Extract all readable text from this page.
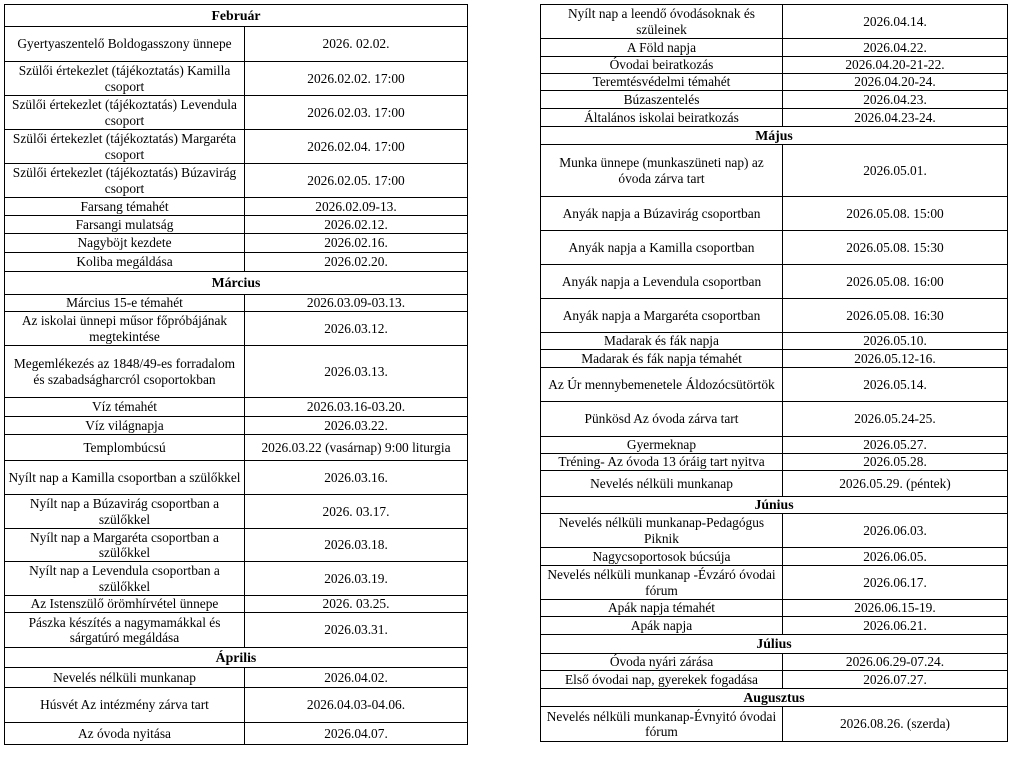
Február	
Gyertyaszentelő Boldogasszony ünnepe	2026. 02.02.
Szülői értekezlet (tájékoztatás) Kamilla csoport	2026.02.02. 17:00
Szülői értekezlet (tájékoztatás) Levendula csoport	2026.02.03. 17:00
Szülői értekezlet (tájékoztatás) Margaréta csoport	2026.02.04. 17:00
Szülői értekezlet (tájékoztatás) Búzavirág csoport	2026.02.05. 17:00
Farsang témahét	2026.02.09-13.
Farsangi mulatság	2026.02.12.
Nagyböjt kezdete	2026.02.16.
Koliba megáldása	2026.02.20.
Március	
Március 15-e témahét	2026.03.09-03.13.
Az iskolai ünnepi műsor főpróbájának megtekintése	2026.03.12.
Megemlékezés az 1848/49-es forradalom és szabadságharcról csoportokban	2026.03.13.
Víz témahét	2026.03.16-03.20.
Víz világnapja	2026.03.22.
Templombúcsú	2026.03.22 (vasárnap) 9:00 liturgia
Nyílt nap a Kamilla csoportban a szülőkkel	2026.03.16.
Nyílt nap a Búzavirág csoportban a szülőkkel	2026. 03.17.
Nyílt nap a Margaréta csoportban a szülőkkel	2026.03.18.
Nyílt nap a Levendula csoportban a szülőkkel	2026.03.19.
Az Istenszülő örömhírvétel ünnepe	2026. 03.25.
Pászka készítés a nagymamákkal és sárgatúró megáldása	2026.03.31.
Április	
Nevelés nélküli munkanap	2026.04.02.
Húsvét Az intézmény zárva tart	2026.04.03-04.06.
Az óvoda nyitása	2026.04.07.
Nyílt nap a leendő óvodásoknak és szüleinek	2026.04.14.
A Föld napja	2026.04.22.
Óvodai beiratkozás	2026.04.20-21-22.
Teremtésvédelmi témahét	2026.04.20-24.
Búzaszentelés	2026.04.23.
Általános iskolai beiratkozás	2026.04.23-24.
Május	
Munka ünnepe (munkaszüneti nap) az óvoda zárva tart	2026.05.01.
Anyák napja a Búzavirág csoportban	2026.05.08. 15:00
Anyák napja a Kamilla csoportban	2026.05.08. 15:30
Anyák napja a Levendula csoportban	2026.05.08. 16:00
Anyák napja a Margaréta csoportban	2026.05.08. 16:30
Madarak és fák napja	2026.05.10.
Madarak és fák napja témahét	2026.05.12-16.
Az Úr mennybemenetele Áldozócsütörtök	2026.05.14.
Pünkösd Az óvoda zárva tart	2026.05.24-25.
Gyermeknap	2026.05.27.
Tréning- Az óvoda 13 óráig tart nyitva	2026.05.28.
Nevelés nélküli munkanap	2026.05.29. (péntek)
Június	
Nevelés nélküli munkanap-Pedagógus Piknik	2026.06.03.
Nagycsoportosok búcsúja	2026.06.05.
Nevelés nélküli munkanap -Évzáró óvodai fórum	2026.06.17.
Apák napja témahét	2026.06.15-19.
Apák napja	2026.06.21.
Július	
Óvoda nyári zárása	2026.06.29-07.24.
Első óvodai nap, gyerekek fogadása	2026.07.27.
Augusztus	
Nevelés nélküli munkanap-Évnyitó óvodai fórum	2026.08.26. (szerda)
